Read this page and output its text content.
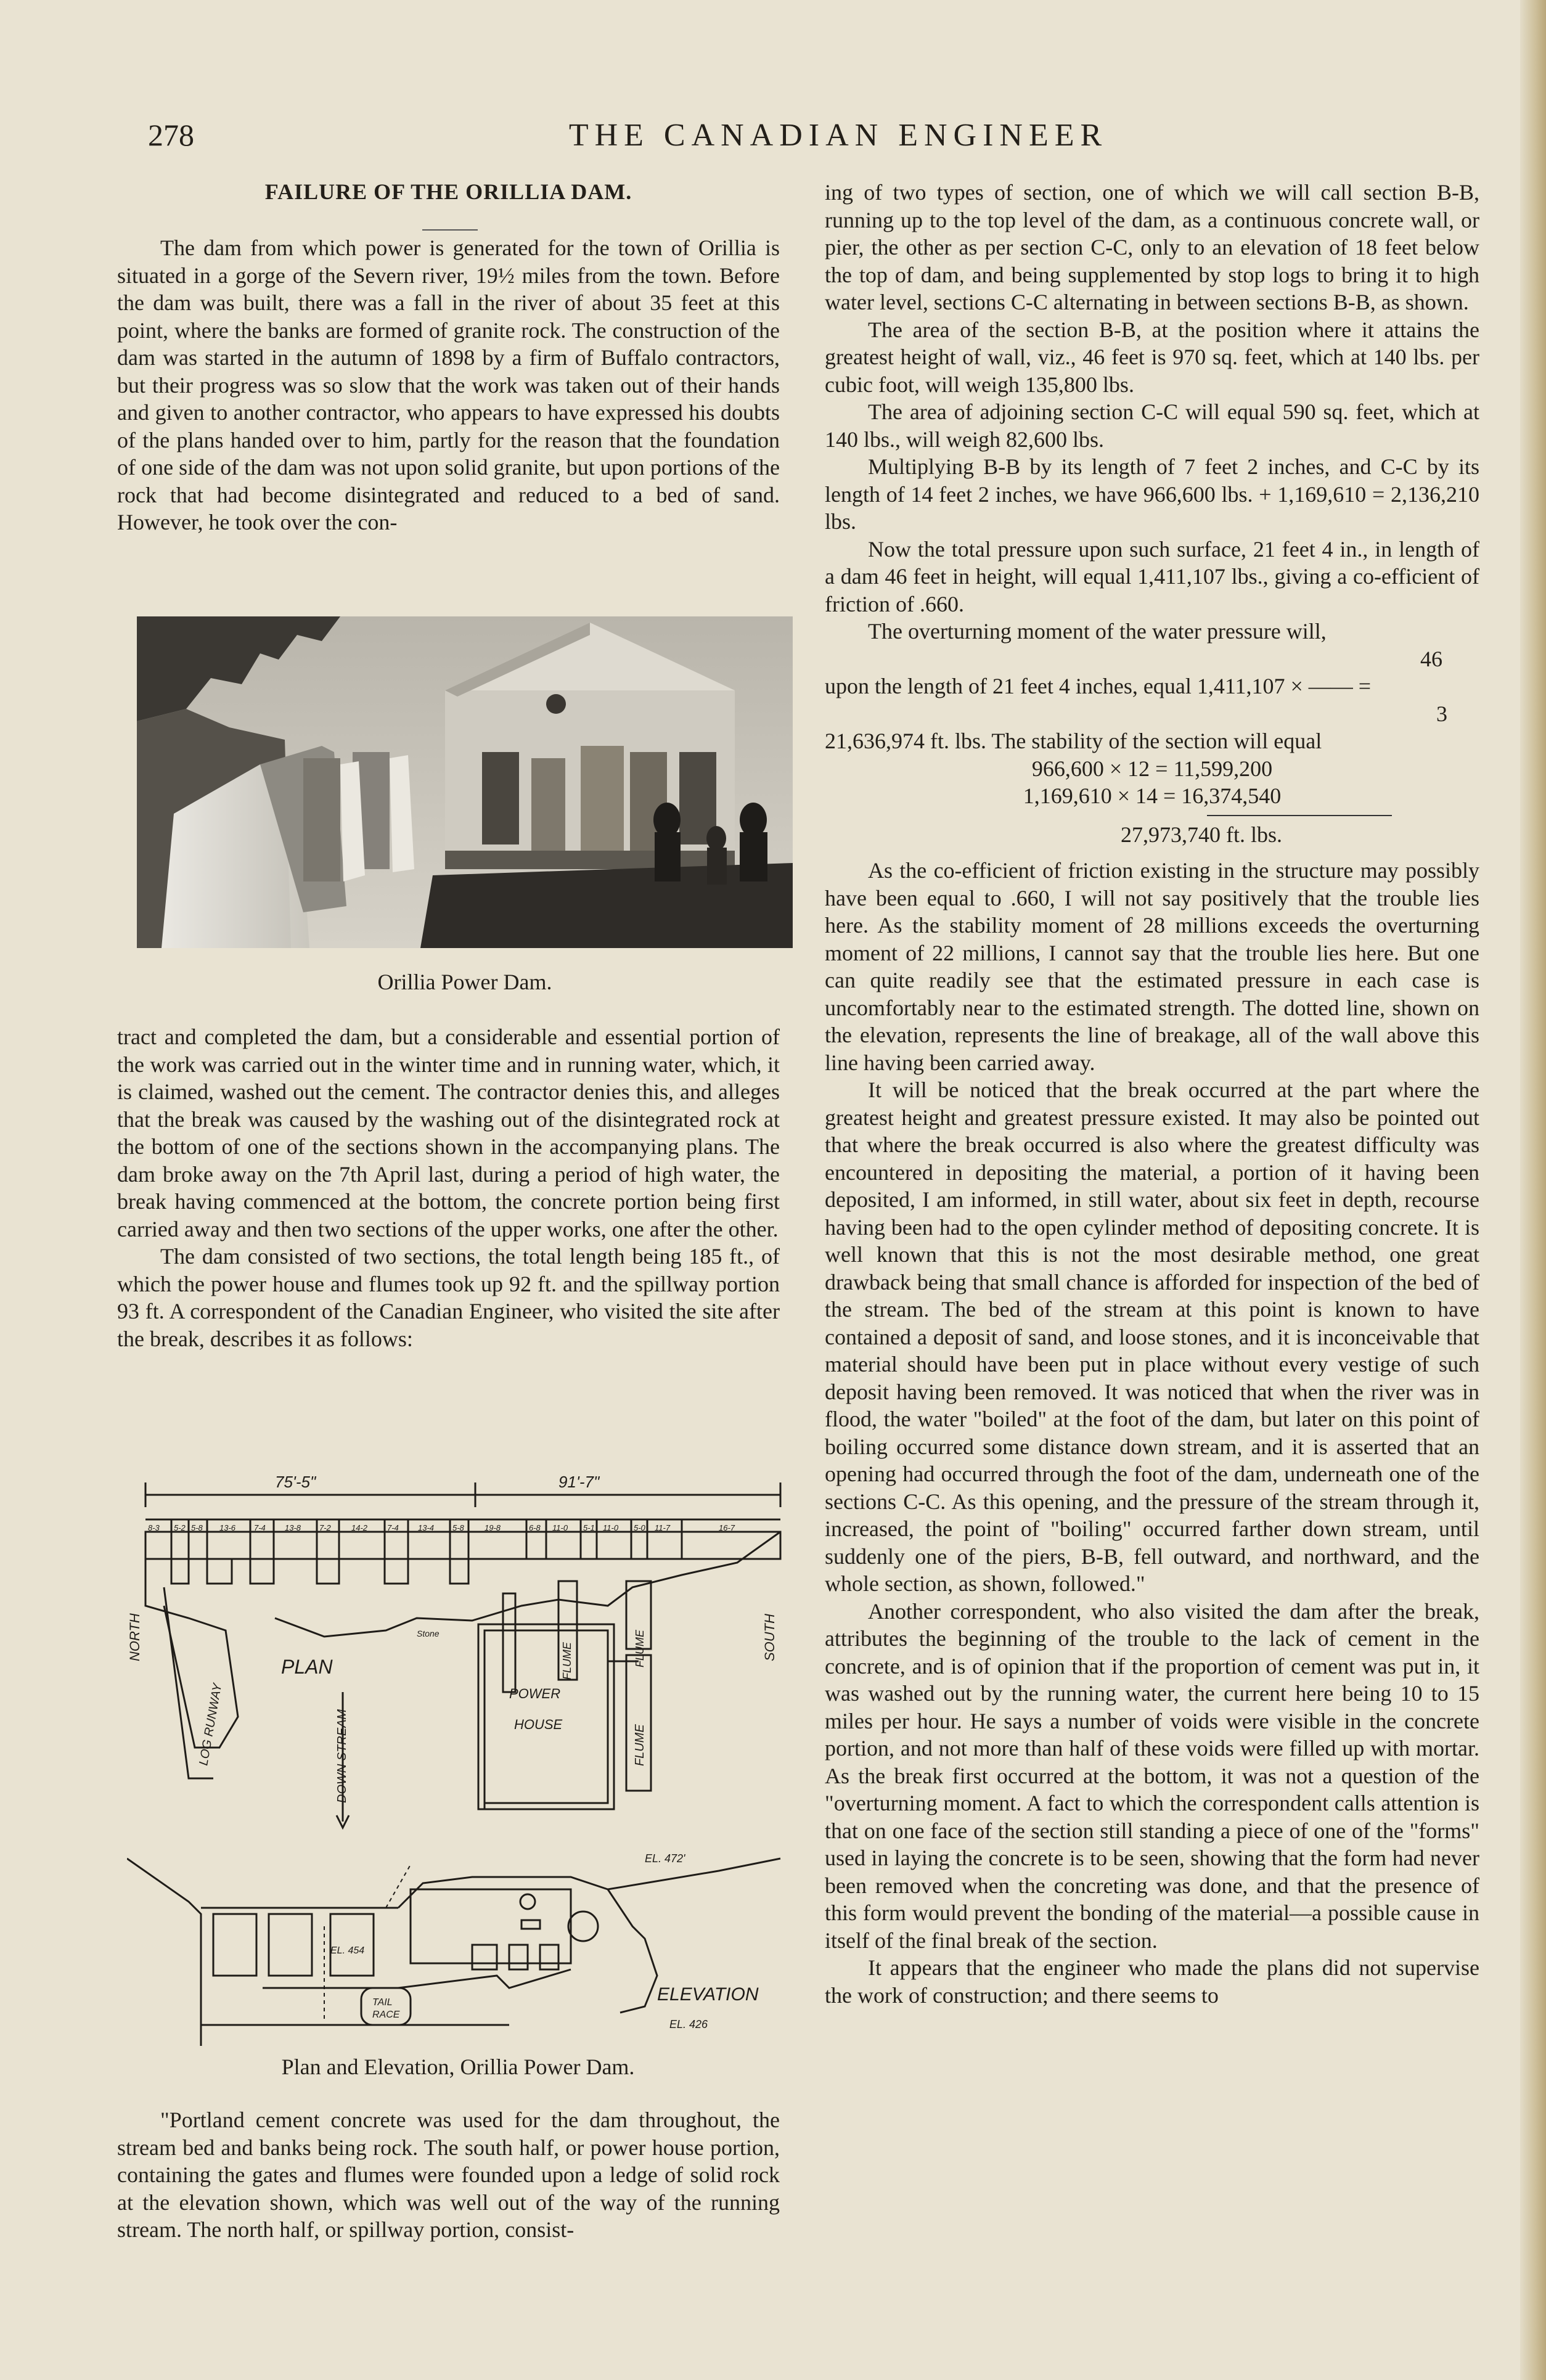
278	THE CANADIAN ENGINEER
FAILURE OF THE ORILLIA DAM.

The dam from which power is generated for the town of Orillia is situated in a gorge of the Severn river, 19½ miles from the town. Before the dam was built, there was a fall in the river of about 35 feet at this point, where the banks are formed of granite rock. The construction of the dam was started in the autumn of 1898 by a firm of Buffalo contractors, but their progress was so slow that the work was taken out of their hands and given to another contractor, who appears to have expressed his doubts of the plans handed over to him, partly for the reason that the foundation of one side of the dam was not upon solid granite, but upon portions of the rock that had become disintegrated and reduced to a bed of sand. However, he took over the con-

Orillia Power Dam.

tract and completed the dam, but a considerable and essential portion of the work was carried out in the winter time and in running water, which, it is claimed, washed out the cement. The contractor denies this, and alleges that the break was caused by the washing out of the disintegrated rock at the bottom of one of the sections shown in the accompanying plans. The dam broke away on the 7th April last, during a period of high water, the break having commenced at the bottom, the concrete portion being first carried away and then two sections of the upper works, one after the other.

The dam consisted of two sections, the total length being 185 ft., of which the power house and flumes took up 92 ft. and the spillway portion 93 ft. A correspondent of the Canadian Engineer, who visited the site after the break, describes it as follows:

75'-5"	91'-7"
NORTH	SOUTH
PLAN
LOG RUNWAY	DOWN STREAM
POWER
HOUSE
FLUME	FLUME
FLUME
Stone
EL. 472'
EL. 454
ELEVATION
TAIL
RACE
EL. 426
8-3 5-2 5-8 13-6 7-4 13-8 7-2	14-2 7-4 13-4 5-8	19-8	6-8 11-0 5-1 11-0 5-0 11-7	16-7
Plan and Elevation, Orillia Power Dam.

"Portland cement concrete was used for the dam throughout, the stream bed and banks being rock. The south half, or power house portion, containing the gates and flumes were founded upon a ledge of solid rock at the elevation shown, which was well out of the way of the running stream. The north half, or spillway portion, consist-

ing of two types of section, one of which we will call section B-B, running up to the top level of the dam, as a continuous concrete wall, or pier, the other as per section C-C, only to an elevation of 18 feet below the top of dam, and being supplemented by stop logs to bring it to high water level, sections C-C alternating in between sections B-B, as shown.

The area of the section B-B, at the position where it attains the greatest height of wall, viz., 46 feet is 970 sq. feet, which at 140 lbs. per cubic foot, will weigh 135,800 lbs.

The area of adjoining section C-C will equal 590 sq. feet, which at 140 lbs., will weigh 82,600 lbs.

Multiplying B-B by its length of 7 feet 2 inches, and C-C by its length of 14 feet 2 inches, we have 966,600 lbs. + 1,169,610 = 2,136,210 lbs.

Now the total pressure upon such surface, 21 feet 4 in., in length of a dam 46 feet in height, will equal 1,411,107 lbs., giving a co-efficient of friction of .660.

The overturning moment of the water pressure will,

46
upon the length of 21 feet 4 inches, equal 1,411,107 × —— =
3
21,636,974 ft. lbs. The stability of the section will equal
966,600 × 12 = 11,599,200
1,169,610 × 14 = 16,374,540
27,973,740 ft. lbs.

As the co-efficient of friction existing in the structure may possibly have been equal to .660, I will not say positively that the trouble lies here. As the stability moment of 28 millions exceeds the overturning moment of 22 millions, I cannot say that the trouble lies here. But one can quite readily see that the estimated pressure in each case is uncomfortably near to the estimated strength. The dotted line, shown on the elevation, represents the line of breakage, all of the wall above this line having been carried away.

It will be noticed that the break occurred at the part where the greatest height and greatest pressure existed. It may also be pointed out that where the break occurred is also where the greatest difficulty was encountered in depositing the material, a portion of it having been deposited, I am informed, in still water, about six feet in depth, recourse having been had to the open cylinder method of depositing concrete. It is well known that this is not the most desirable method, one great drawback being that small chance is afforded for inspection of the bed of the stream. The bed of the stream at this point is known to have contained a deposit of sand, and loose stones, and it is inconceivable that material should have been put in place without every vestige of such deposit having been removed. It was noticed that when the river was in flood, the water "boiled" at the foot of the dam, but later on this point of boiling occurred some distance down stream, and it is asserted that an opening had occurred through the foot of the dam, underneath one of the sections C-C. As this opening, and the pressure of the stream through it, increased, the point of "boiling" occurred farther down stream, until suddenly one of the piers, B-B, fell outward, and northward, and the whole section, as shown, followed."

Another correspondent, who also visited the dam after the break, attributes the beginning of the trouble to the lack of cement in the concrete, and is of opinion that if the proportion of cement was put in, it was washed out by the running water, the current here being 10 to 15 miles per hour. He says a number of voids were visible in the concrete portion, and not more than half of these voids were filled up with mortar. As the break first occurred at the bottom, it was not a question of the "overturning moment. A fact to which the correspondent calls attention is that on one face of the section still standing a piece of one of the "forms" used in laying the concrete is to be seen, showing that the form had never been removed when the concreting was done, and that the presence of this form would prevent the bonding of the material—a possible cause in itself of the final break of the section.

It appears that the engineer who made the plans did not supervise the work of construction; and there seems to
